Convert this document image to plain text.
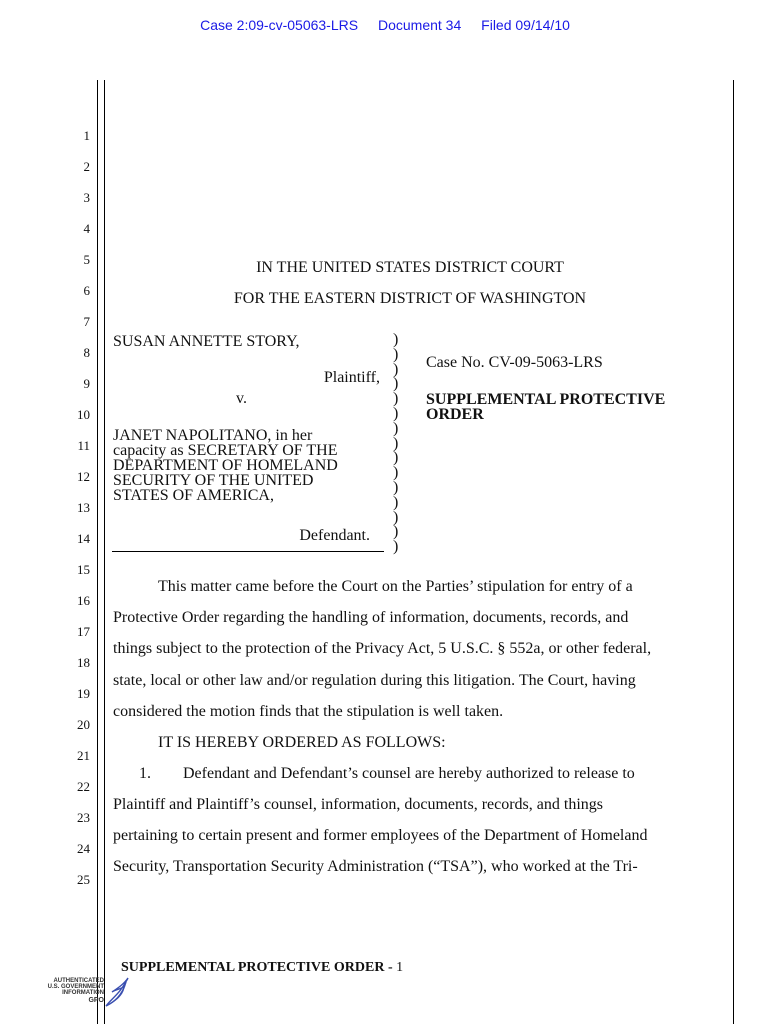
Case 2:09-cv-05063-LRS Document 34 Filed 09/14/10
1
2
3
4
5
6
7
8
9
10
11
12
13
14
15
16
17
18
19
20
21
22
23
24
25
IN THE UNITED STATES DISTRICT COURT
FOR THE EASTERN DISTRICT OF WASHINGTON
SUSAN ANNETTE STORY,
Plaintiff,
v.
JANET NAPOLITANO, in her
capacity as SECRETARY OF THE
DEPARTMENT OF HOMELAND
SECURITY OF THE UNITED
STATES OF AMERICA,
Defendant.
)
)
)
)
)
)
)
)
)
)
)
)
)
)
)
Case No. CV-09-5063-LRS
SUPPLEMENTAL PROTECTIVE
ORDER
This matter came before the Court on the Parties’ stipulation for entry of a
Protective Order regarding the handling of information, documents, records, and
things subject to the protection of the Privacy Act, 5 U.S.C. § 552a, or other federal,
state, local or other law and/or regulation during this litigation. The Court, having
considered the motion finds that the stipulation is well taken.
IT IS HEREBY ORDERED AS FOLLOWS:
1.        Defendant and Defendant’s counsel are hereby authorized to release to
Plaintiff and Plaintiff’s counsel, information, documents, records, and things
pertaining to certain present and former employees of the Department of Homeland
Security, Transportation Security Administration (“TSA”), who worked at the Tri-
SUPPLEMENTAL PROTECTIVE ORDER - 1
AUTHENTICATED
U.S. GOVERNMENT
INFORMATION
GPO
